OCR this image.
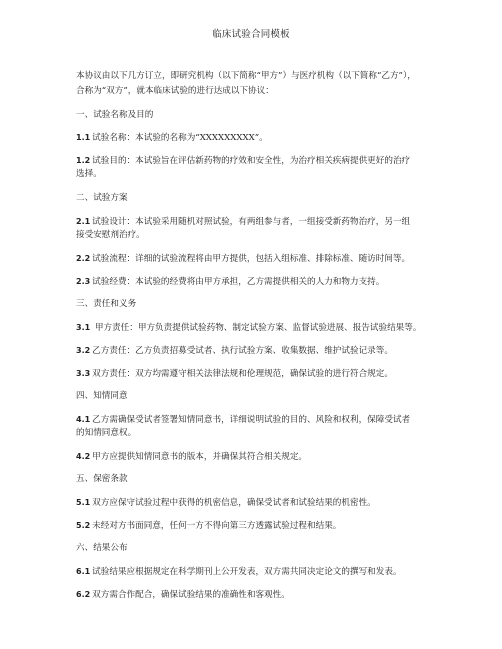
临床试验合同模板
本协议由以下几方订立，即研究机构（以下简称“甲方”）与医疗机构（以下简称“乙方”），
合称为“双方”，就本临床试验的进行达成以下协议：
一、试验名称及目的
1.1 试验名称：本试验的名称为“XXXXXXXXX”。
1.2 试验目的：本试验旨在评估新药物的疗效和安全性，为治疗相关疾病提供更好的治疗
选择。
二、试验方案
2.1 试验设计：本试验采用随机对照试验，有两组参与者，一组接受新药物治疗，另一组
接受安慰剂治疗。
2.2 试验流程：详细的试验流程将由甲方提供，包括入组标准、排除标准、随访时间等。
2.3 试验经费：本试验的经费将由甲方承担，乙方需提供相关的人力和物力支持。
三、责任和义务
3.1 甲方责任：甲方负责提供试验药物、制定试验方案、监督试验进展、报告试验结果等。
3.2 乙方责任：乙方负责招募受试者、执行试验方案、收集数据、维护试验记录等。
3.3 双方责任：双方均需遵守相关法律法规和伦理规范，确保试验的进行符合规定。
四、知情同意
4.1 乙方需确保受试者签署知情同意书，详细说明试验的目的、风险和权利，保障受试者
的知情同意权。
4.2 甲方应提供知情同意书的版本，并确保其符合相关规定。
五、保密条款
5.1 双方应保守试验过程中获得的机密信息，确保受试者和试验结果的机密性。
5.2 未经对方书面同意，任何一方不得向第三方透露试验过程和结果。
六、结果公布
6.1 试验结果应根据规定在科学期刊上公开发表，双方需共同决定论文的撰写和发表。
6.2 双方需合作配合，确保试验结果的准确性和客观性。
